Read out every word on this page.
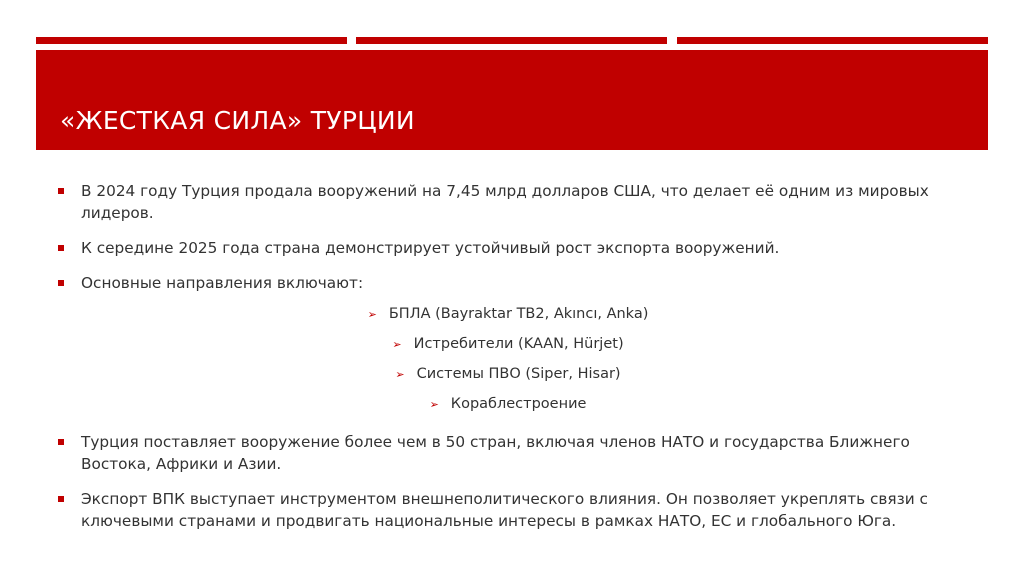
«ЖЕСТКАЯ СИЛА» ТУРЦИИ
В 2024 году Турция продала вооружений на 7,45 млрд долларов США, что делает её одним из мировых лидеров.
К середине 2025 года страна демонстрирует устойчивый рост экспорта вооружений.
Основные направления включают:
➢ БПЛА (Bayraktar TB2, Akıncı, Anka)
➢ Истребители (KAAN, Hürjet)
➢ Системы ПВО (Siper, Hisar)
➢ Кораблестроение
Турция поставляет вооружение более чем в 50 стран, включая членов НАТО и государства Ближнего Востока, Африки и Азии.
Экспорт ВПК выступает инструментом внешнеполитического влияния. Он позволяет укреплять связи с ключевыми странами и продвигать национальные интересы в рамках НАТО, ЕС и глобального Юга.
